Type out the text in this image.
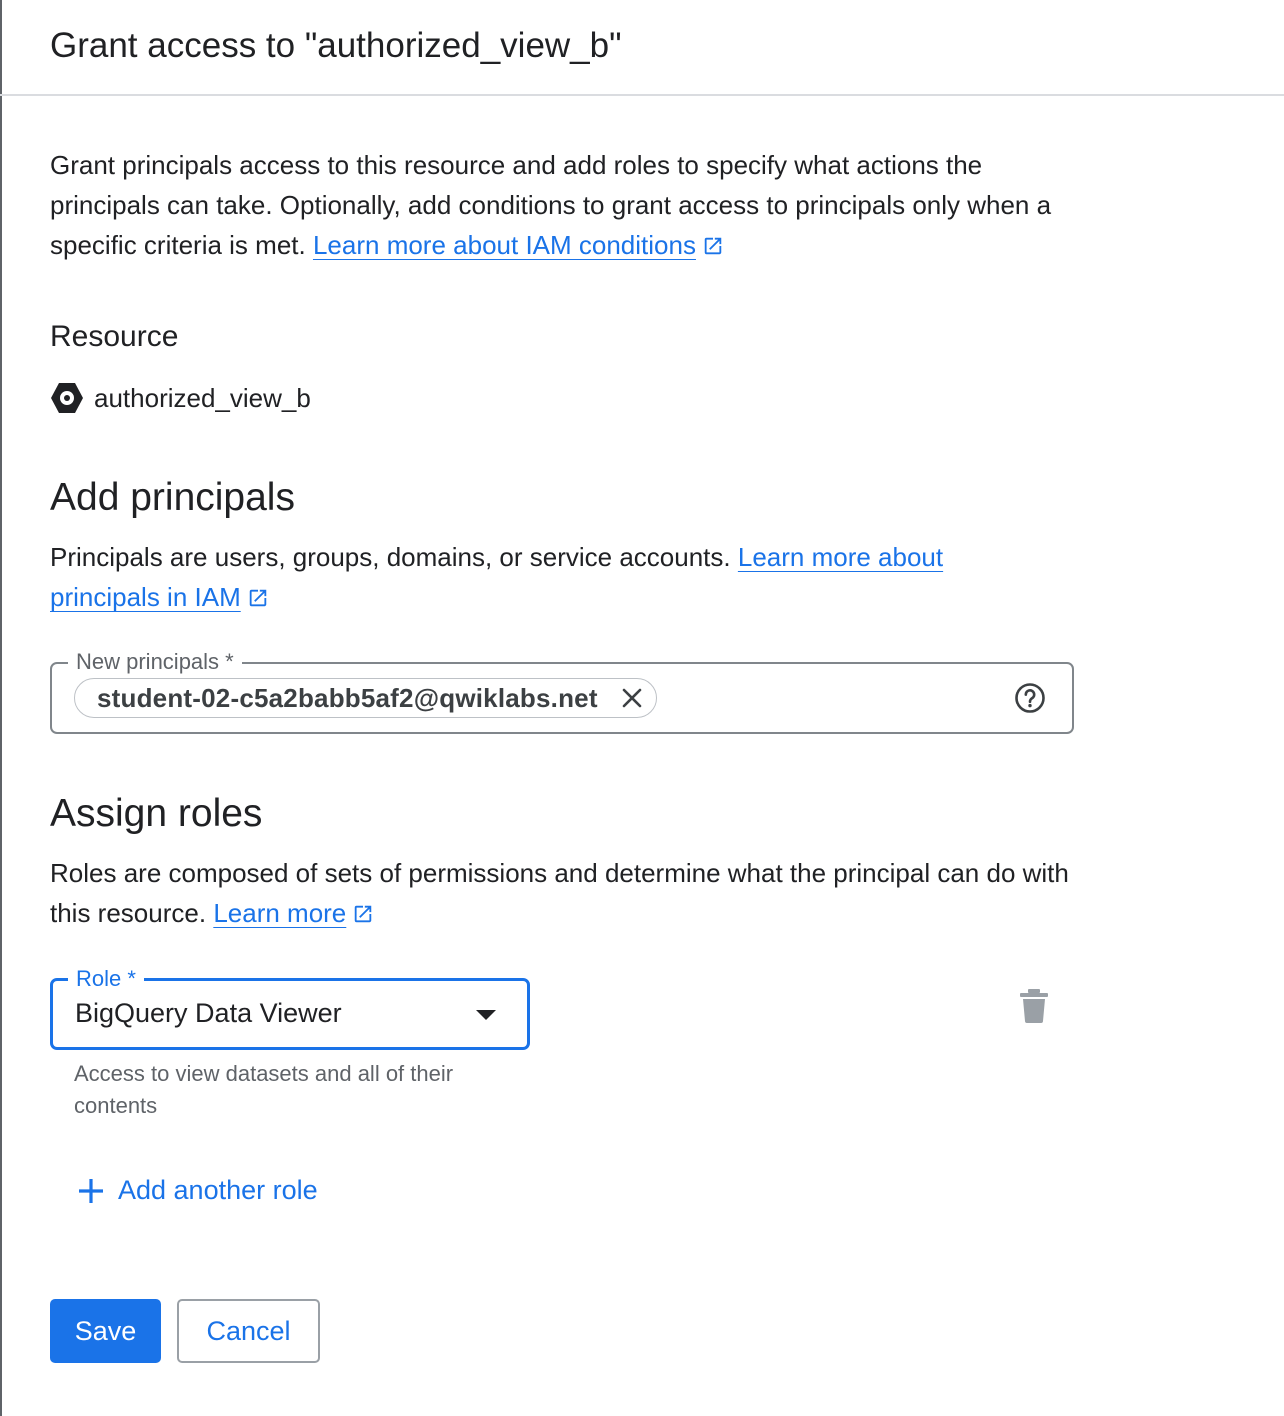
Grant access to "authorized_view_b"
Grant principals access to this resource and add roles to specify what actions the principals can take. Optionally, add conditions to grant access to principals only when a specific criteria is met. Learn more about IAM conditions
Resource
authorized_view_b
Add principals
Principals are users, groups, domains, or service accounts. Learn more about principals in IAM
New principals *
student-02-c5a2babb5af2@qwiklabs.net
Assign roles
Roles are composed of sets of permissions and determine what the principal can do with this resource. Learn more
Role *
BigQuery Data Viewer
Access to view datasets and all of their contents
Add another role
Save	Cancel
